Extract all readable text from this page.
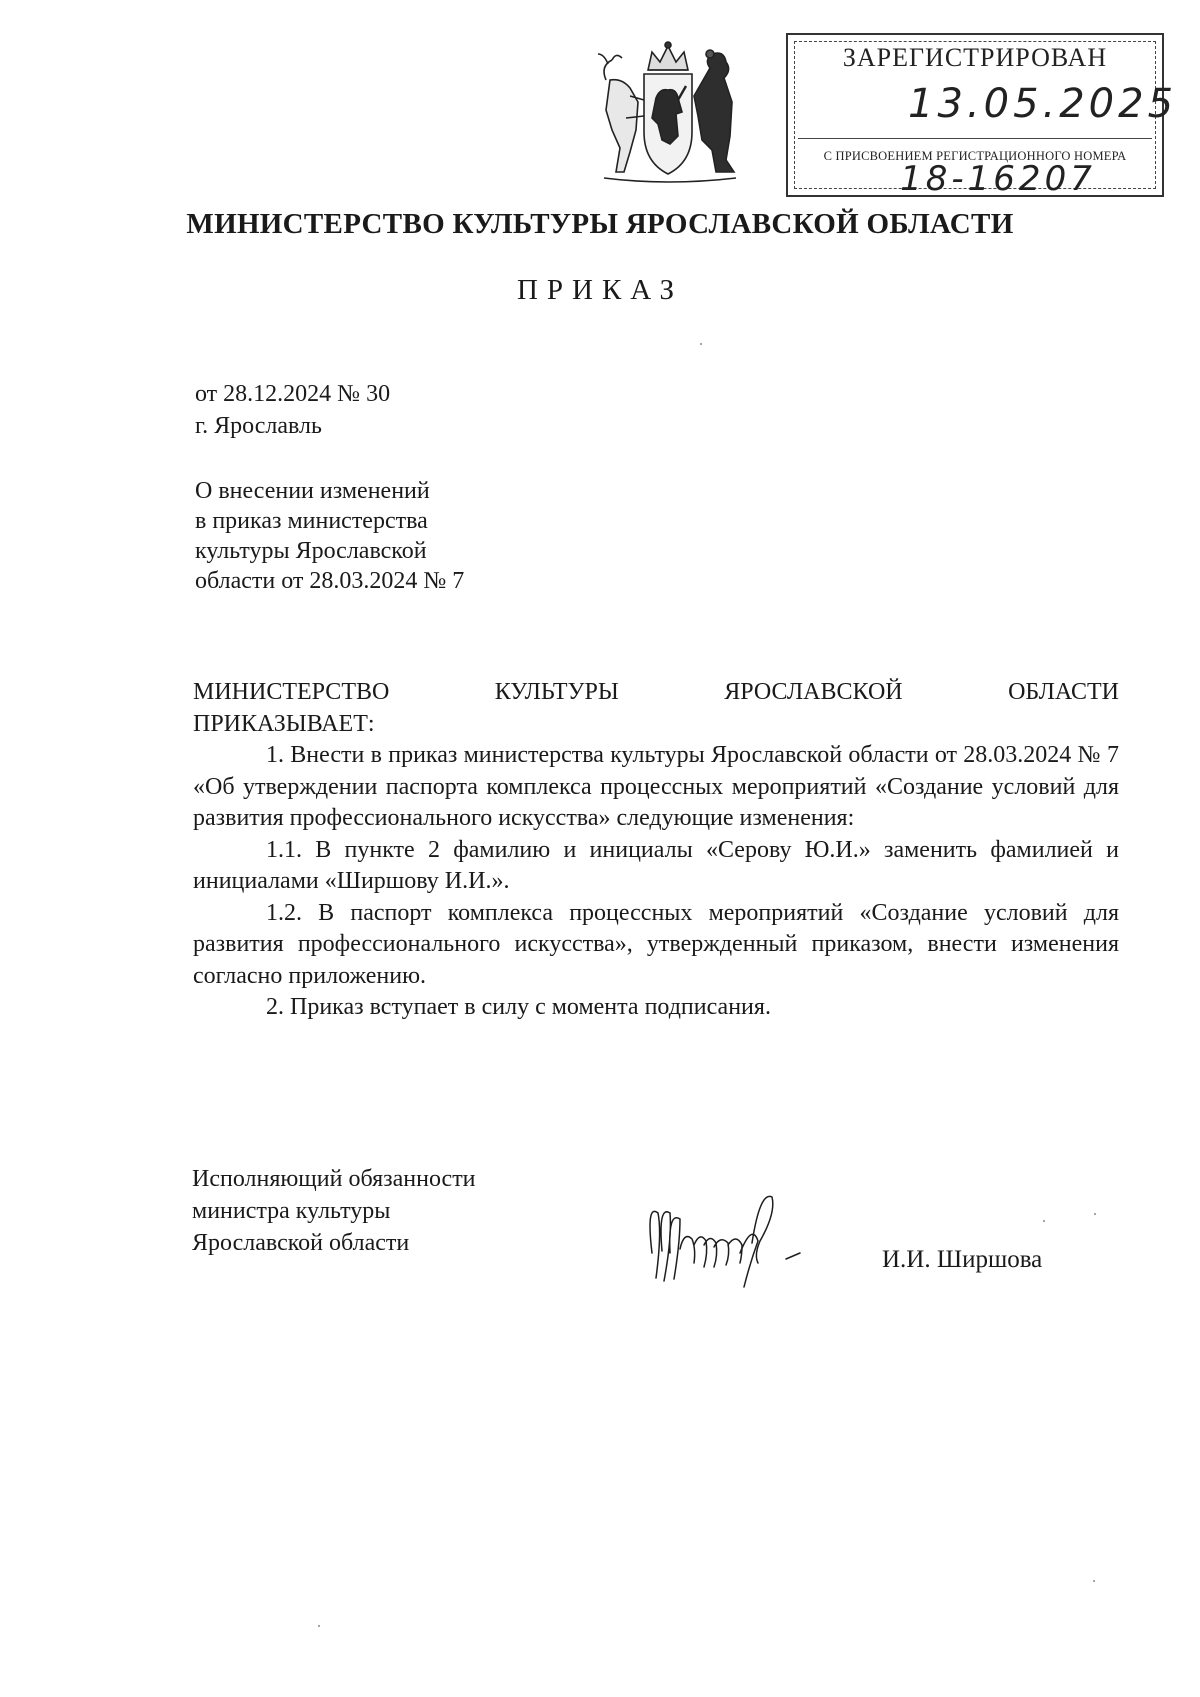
ЗАРЕГИСТРИРОВАН
13.05.2025
С ПРИСВОЕНИЕМ РЕГИСТРАЦИОННОГО НОМЕРА
18-16207
МИНИСТЕРСТВО КУЛЬТУРЫ ЯРОСЛАВСКОЙ ОБЛАСТИ
ПРИКАЗ
от 28.12.2024 № 30
г. Ярославль
О внесении изменений
в приказ министерства
культуры Ярославской
области от 28.03.2024 № 7
МИНИСТЕРСТВО	КУЛЬТУРЫ	ЯРОСЛАВСКОЙ	ОБЛАСТИ

ПРИКАЗЫВАЕТ:

1. Внести в приказ министерства культуры Ярославской области от 28.03.2024 № 7 «Об утверждении паспорта комплекса процессных мероприятий «Создание условий для развития профессионального искусства» следующие изменения:

1.1. В пункте 2 фамилию и инициалы «Серову Ю.И.» заменить фамилией и инициалами «Ширшову И.И.».

1.2. В паспорт комплекса процессных мероприятий «Создание условий для развития профессионального искусства», утвержденный приказом, внести изменения согласно приложению.

2. Приказ вступает в силу с момента подписания.

Исполняющий обязанности
министра культуры
Ярославской области
И.И. Ширшова
